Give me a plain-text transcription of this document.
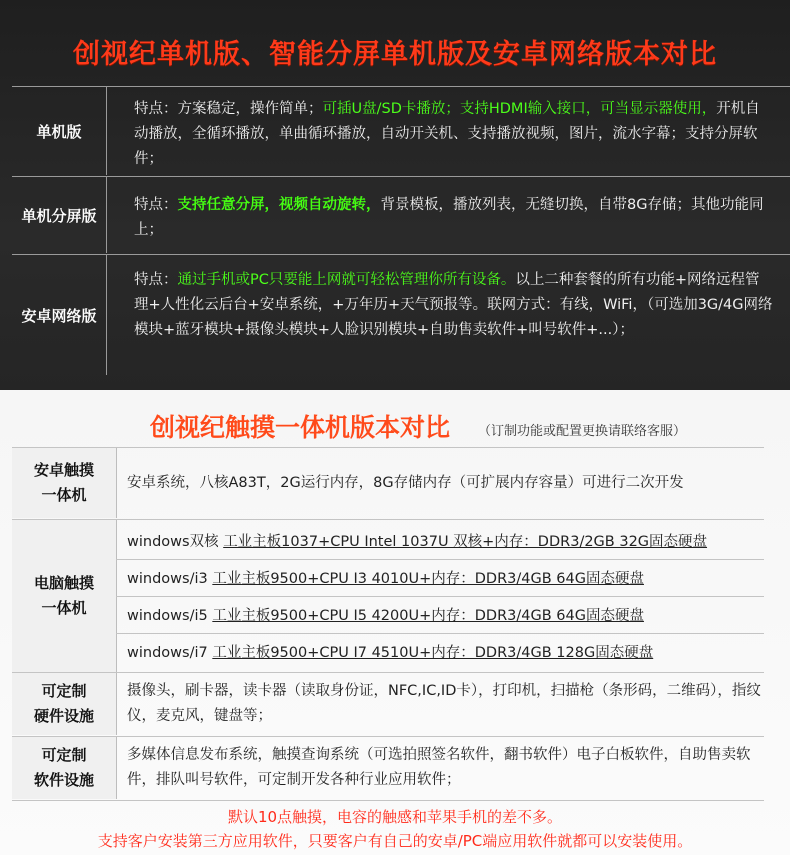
创视纪单机版、智能分屏单机版及安卓网络版本对比
单机版
特点：方案稳定，操作简单；可插U盘/SD卡播放；支持HDMI输入接口，可当显示器使用，开机自动播放，全循环播放，单曲循环播放，自动开关机、支持播放视频，图片，流水字幕；支持分屏软件；
单机分屏版
特点：支持任意分屏，视频自动旋转，背景模板，播放列表，无缝切换，自带8G存储；其他功能同上；
安卓网络版
特点：通过手机或PC只要能上网就可轻松管理你所有设备。以上二种套餐的所有功能+网络远程管理+人性化云后台+安卓系统，+万年历+天气预报等。联网方式：有线，WiFi，（可选加3G/4G网络模块+蓝牙模块+摄像头模块+人脸识别模块+自助售卖软件+叫号软件+...）；
创视纪触摸一体机版本对比 （订制功能或配置更换请联络客服）
安卓触摸
一体机
安卓系统，八核A83T，2G运行内存，8G存储内存（可扩展内存容量）可进行二次开发
电脑触摸
一体机
windows双核 工业主板1037+CPU Intel 1037U 双核+内存：DDR3/2GB 32G固态硬盘
windows/i3 工业主板9500+CPU I3 4010U+内存：DDR3/4GB 64G固态硬盘
windows/i5 工业主板9500+CPU I5 4200U+内存：DDR3/4GB 64G固态硬盘
windows/i7 工业主板9500+CPU I7 4510U+内存：DDR3/4GB 128G固态硬盘
可定制
硬件设施
摄像头，刷卡器，读卡器（读取身份证，NFC,IC,ID卡），打印机，扫描枪（条形码，二维码），指纹仪，麦克风，键盘等；
可定制
软件设施
多媒体信息发布系统，触摸查询系统（可选拍照签名软件，翻书软件）电子白板软件，自助售卖软件，排队叫号软件，可定制开发各种行业应用软件；
默认10点触摸，电容的触感和苹果手机的差不多。
支持客户安装第三方应用软件，只要客户有自己的安卓/PC端应用软件就都可以安装使用。
